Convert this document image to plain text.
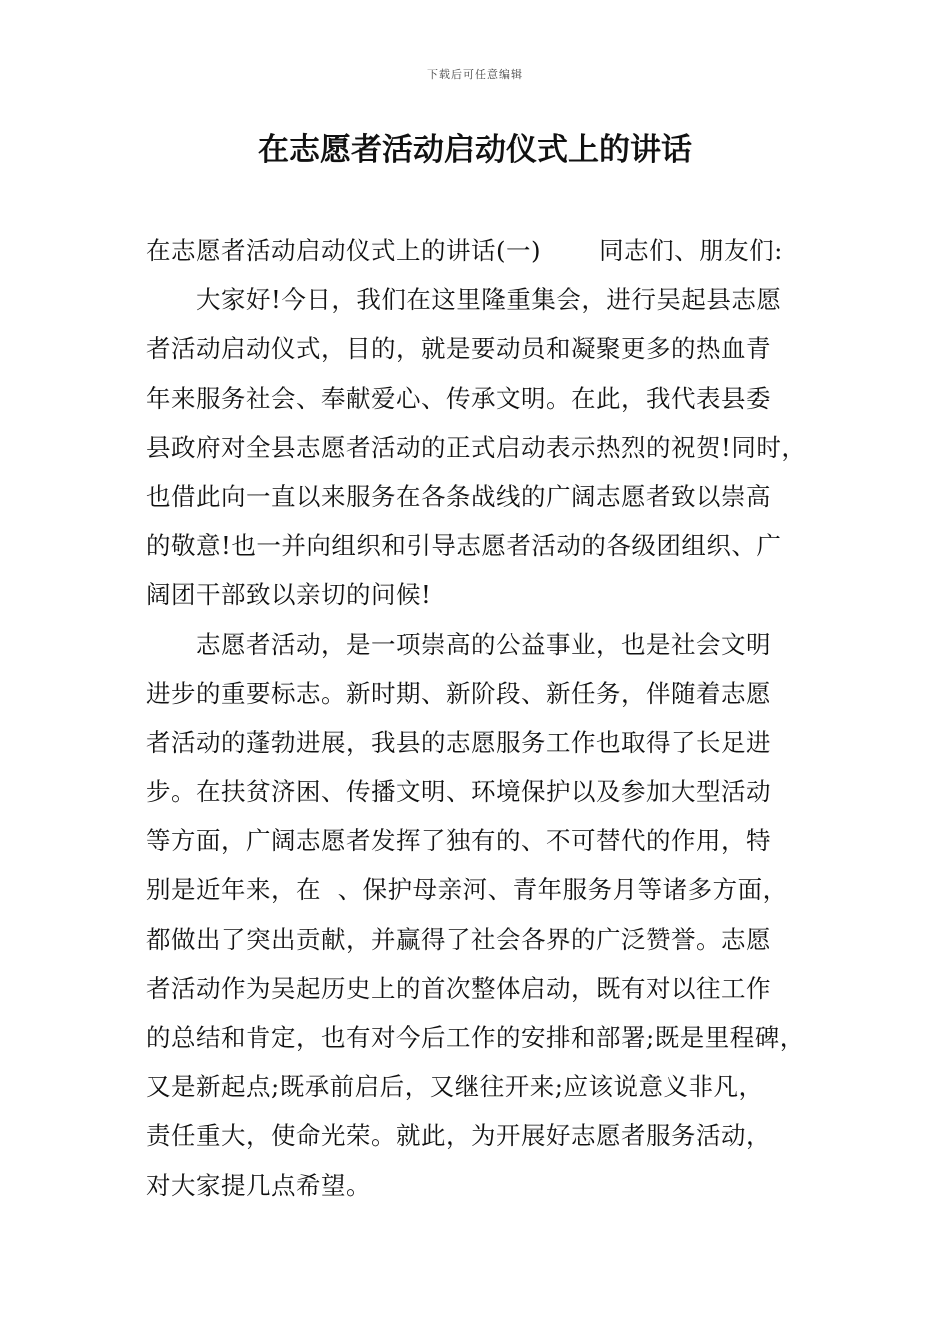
下载后可任意编辑
在志愿者活动启动仪式上的讲话
在志愿者活动启动仪式上的讲话(一) 同志们、朋友们:
大家好!今日，我们在这里隆重集会，进行吴起县志愿
者活动启动仪式，目的，就是要动员和凝聚更多的热血青
年来服务社会、奉献爱心、传承文明。在此，我代表县委
县政府对全县志愿者活动的正式启动表示热烈的祝贺!同时，
也借此向一直以来服务在各条战线的广阔志愿者致以崇高
的敬意!也一并向组织和引导志愿者活动的各级团组织、广
阔团干部致以亲切的问候!
志愿者活动，是一项崇高的公益事业，也是社会文明
进步的重要标志。新时期、新阶段、新任务，伴随着志愿
者活动的蓬勃进展，我县的志愿服务工作也取得了长足进
步。在扶贫济困、传播文明、环境保护以及参加大型活动
等方面，广阔志愿者发挥了独有的、不可替代的作用，特
别是近年来，在  、保护母亲河、青年服务月等诸多方面，
都做出了突出贡献，并赢得了社会各界的广泛赞誉。志愿
者活动作为吴起历史上的首次整体启动，既有对以往工作
的总结和肯定，也有对今后工作的安排和部署;既是里程碑，
又是新起点;既承前启后，又继往开来;应该说意义非凡，
责任重大，使命光荣。就此，为开展好志愿者服务活动，
对大家提几点希望。
